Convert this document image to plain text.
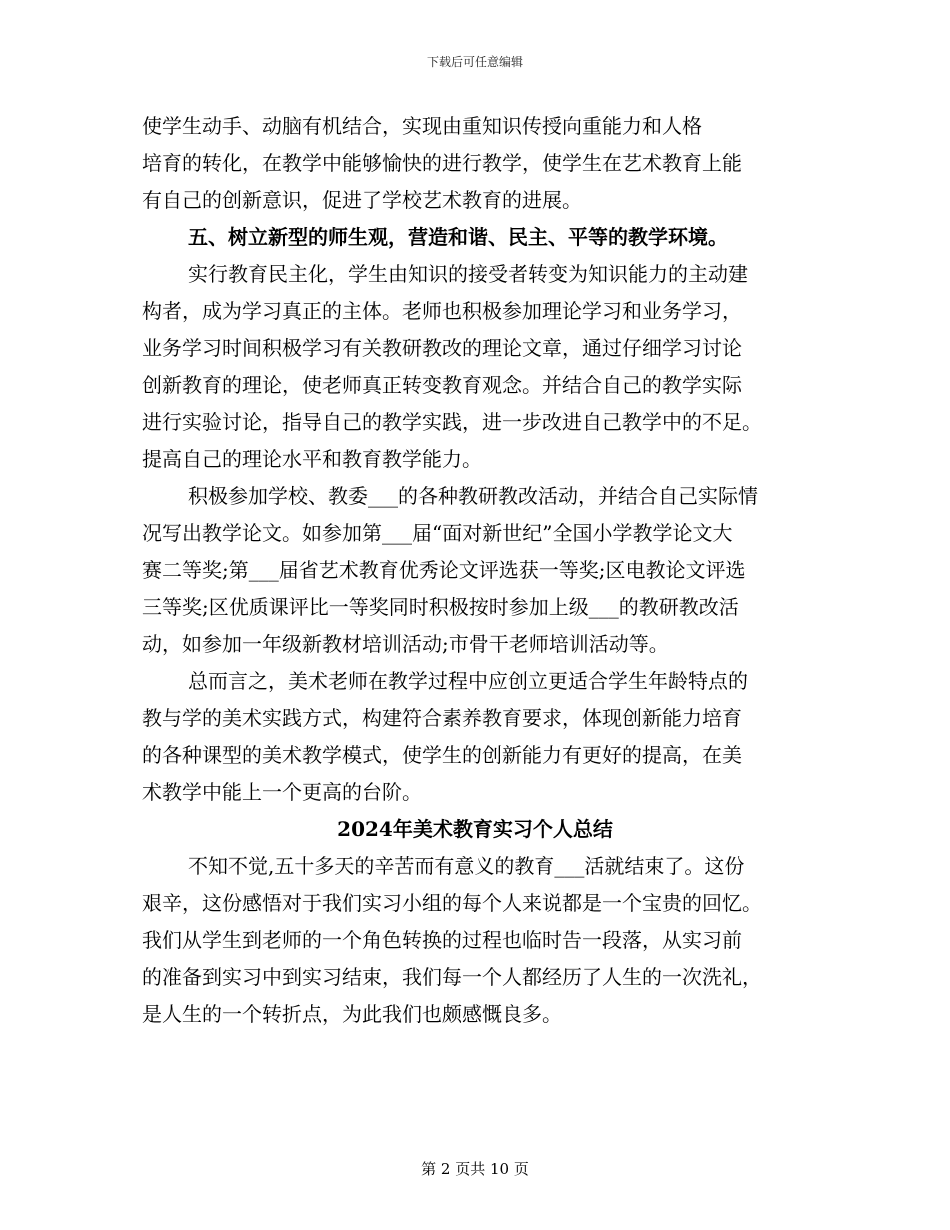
下载后可任意编辑
使学生动手、动脑有机结合，实现由重知识传授向重能力和人格
培育的转化，在教学中能够愉快的进行教学，使学生在艺术教育上能
有自己的创新意识，促进了学校艺术教育的进展。
五、树立新型的师生观，营造和谐、民主、平等的教学环境。
实行教育民主化，学生由知识的接受者转变为知识能力的主动建
构者，成为学习真正的主体。老师也积极参加理论学习和业务学习，
业务学习时间积极学习有关教研教改的理论文章，通过仔细学习讨论
创新教育的理论，使老师真正转变教育观念。并结合自己的教学实际
进行实验讨论，指导自己的教学实践，进一步改进自己教学中的不足。
提高自己的理论水平和教育教学能力。
积极参加学校、教委___的各种教研教改活动，并结合自己实际情
况写出教学论文。如参加第___届“面对新世纪”全国小学教学论文大
赛二等奖;第___届省艺术教育优秀论文评选获一等奖;区电教论文评选
三等奖;区优质课评比一等奖同时积极按时参加上级___的教研教改活
动，如参加一年级新教材培训活动;市骨干老师培训活动等。
总而言之，美术老师在教学过程中应创立更适合学生年龄特点的
教与学的美术实践方式，构建符合素养教育要求，体现创新能力培育
的各种课型的美术教学模式，使学生的创新能力有更好的提高，在美
术教学中能上一个更高的台阶。
2024年美术教育实习个人总结
不知不觉,五十多天的辛苦而有意义的教育___活就结束了。这份
艰辛，这份感悟对于我们实习小组的每个人来说都是一个宝贵的回忆。
我们从学生到老师的一个角色转换的过程也临时告一段落，从实习前
的准备到实习中到实习结束，我们每一个人都经历了人生的一次洗礼，
是人生的一个转折点，为此我们也颇感慨良多。
第 2 页共 10 页
